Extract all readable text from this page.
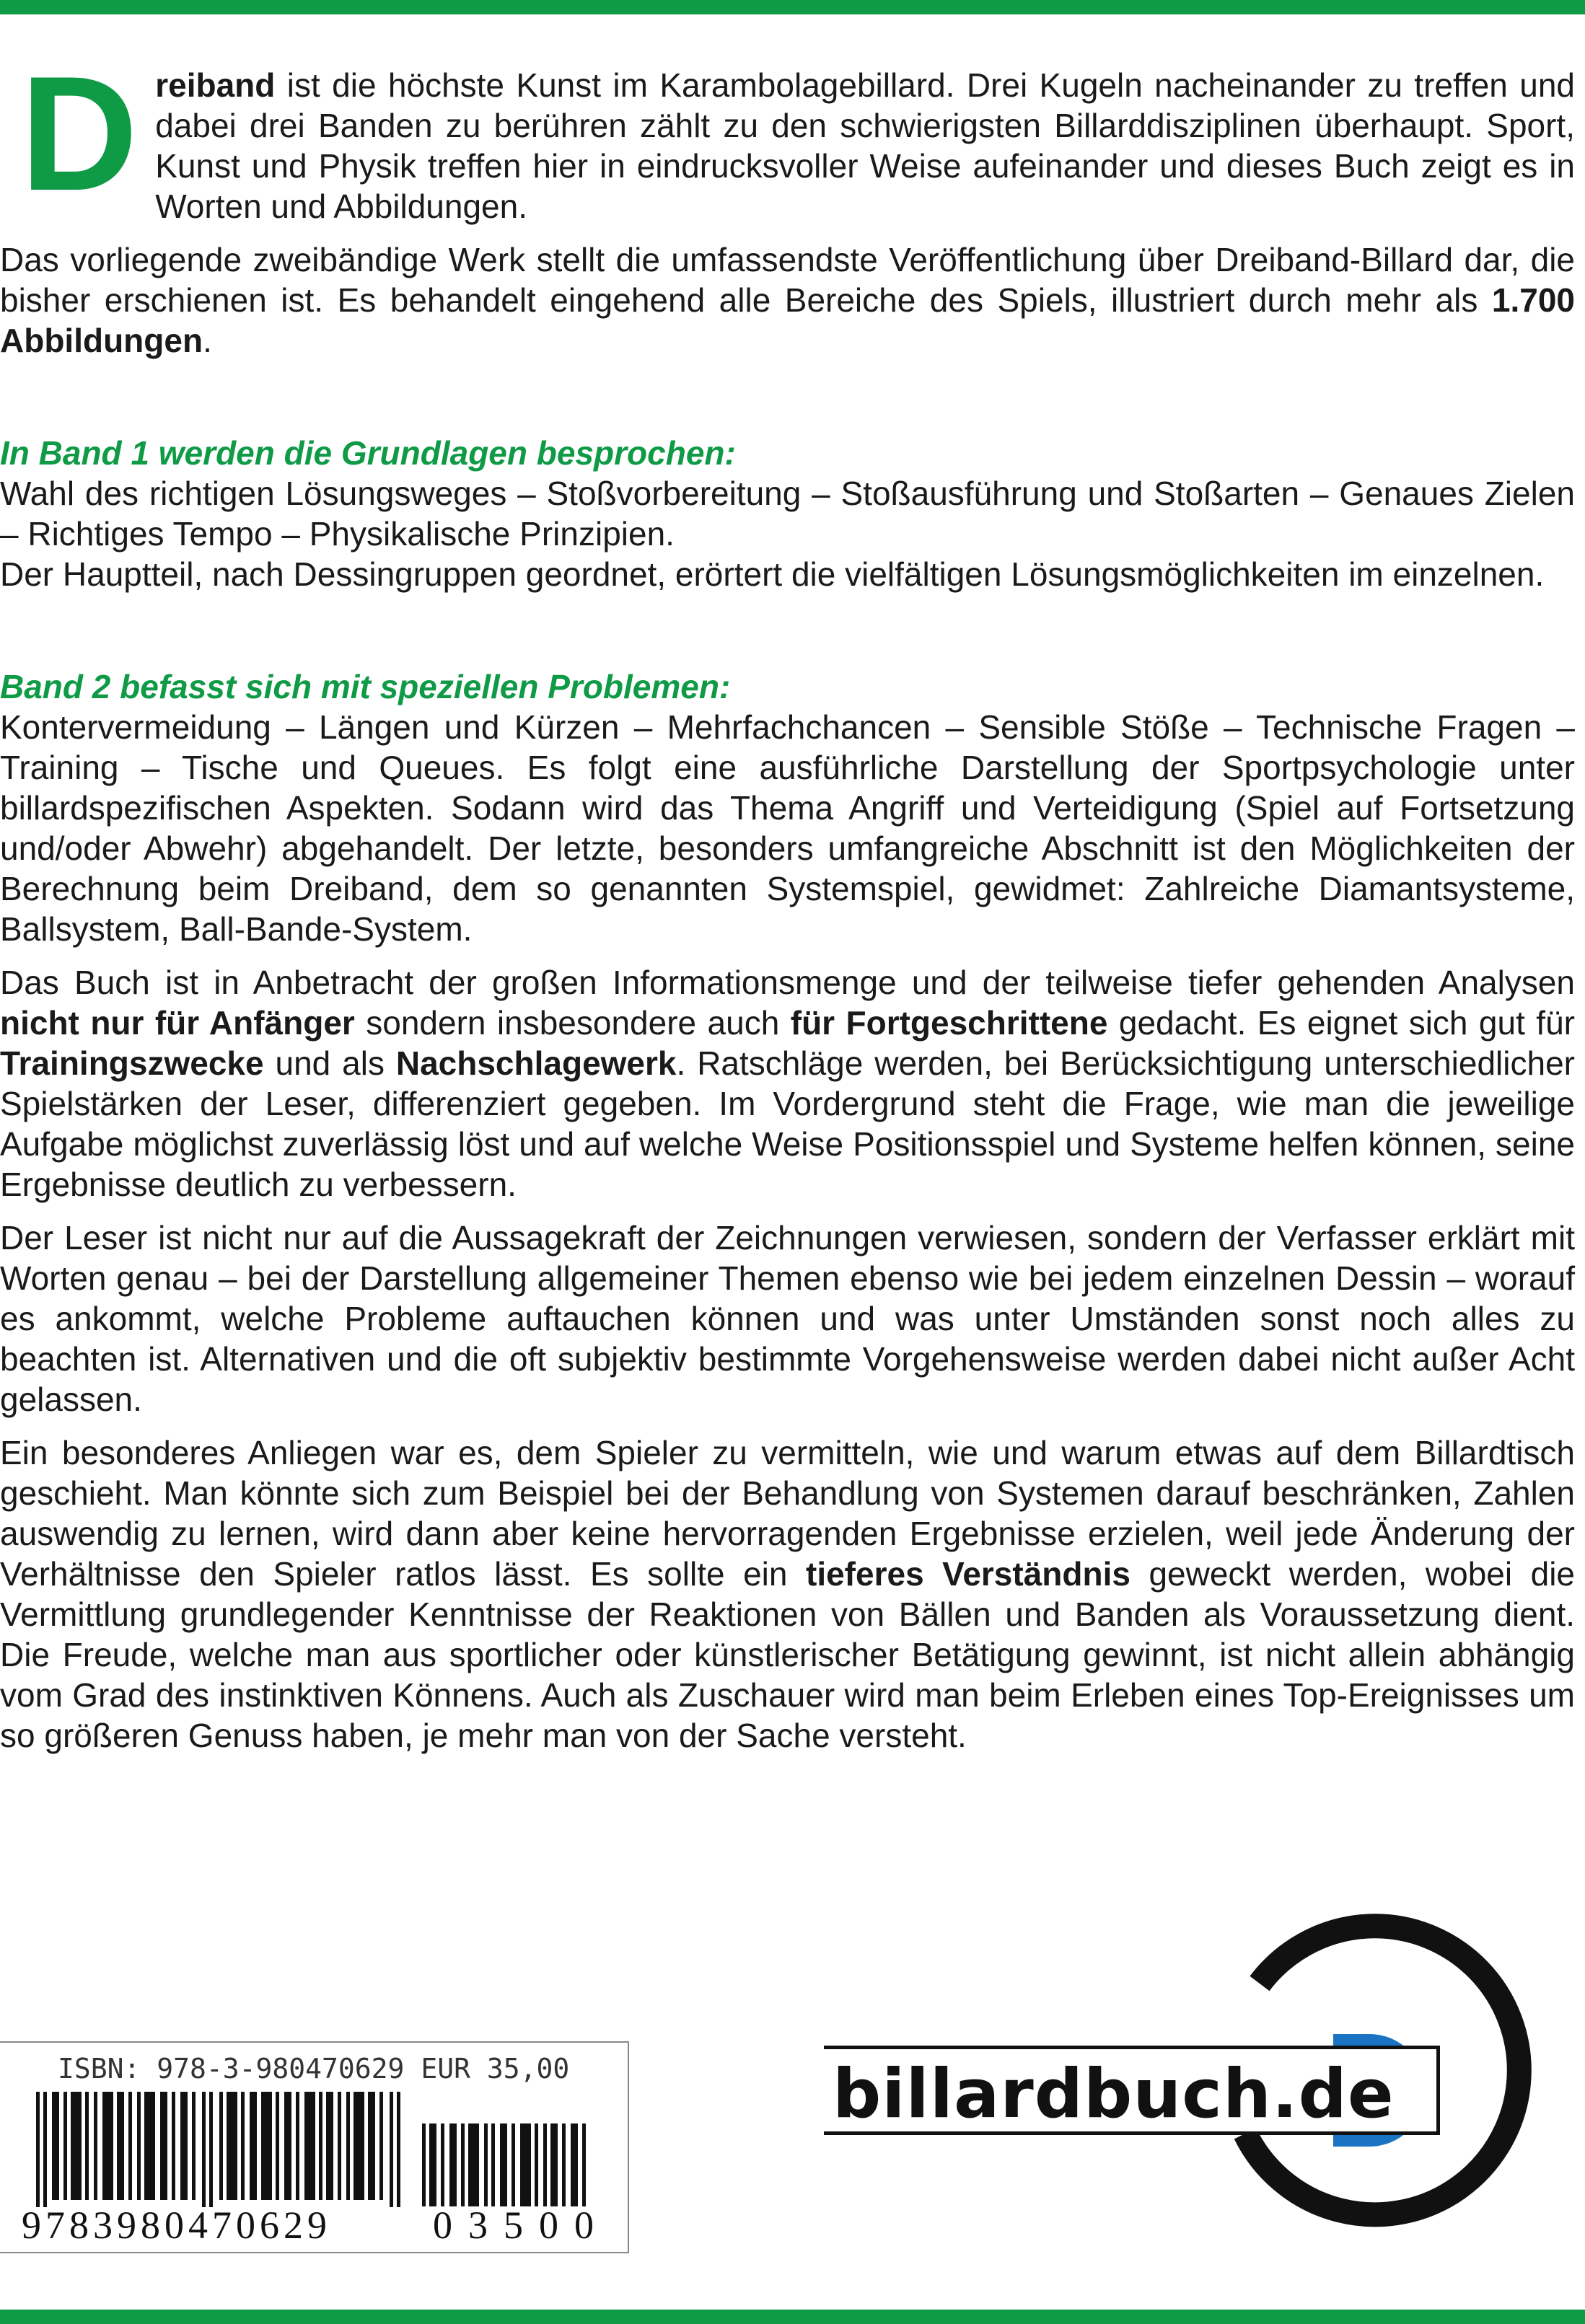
Dreiband ist die höchste Kunst im Karambolagebillard. Drei Kugeln nacheinander zu treffen und dabei drei Banden zu berühren zählt zu den schwierigsten Billarddisziplinen überhaupt. Sport, Kunst und Physik treffen hier in eindrucksvoller Weise aufeinander und dieses Buch zeigt es in Worten und Abbildungen.

Das vorliegende zweibändige Werk stellt die umfassendste Veröffentlichung über Dreiband-Billard dar, die bisher erschienen ist. Es behandelt eingehend alle Bereiche des Spiels, illustriert durch mehr als 1.700 Abbildungen.

In Band 1 werden die Grundlagen besprochen:

Wahl des richtigen Lösungsweges – Stoßvorbereitung – Stoßausführung und Stoßarten – Genaues Zielen – Richtiges Tempo – Physikalische Prinzipien.

Der Hauptteil, nach Dessingruppen geordnet, erörtert die vielfältigen Lösungsmöglichkeiten im einzelnen.

Band 2 befasst sich mit speziellen Problemen:

Kontervermeidung – Längen und Kürzen – Mehrfachchancen – Sensible Stöße – Technische Fragen – Training – Tische und Queues. Es folgt eine ausführliche Darstellung der Sportpsychologie unter billardspezifischen Aspekten. Sodann wird das Thema Angriff und Verteidigung (Spiel auf Fortsetzung und/oder Abwehr) abgehandelt. Der letzte, besonders umfangreiche Abschnitt ist den Möglichkeiten der Berechnung beim Dreiband, dem so genannten Systemspiel, gewidmet: Zahlreiche Diamantsysteme, Ballsystem, Ball-Bande-System.

Das Buch ist in Anbetracht der großen Informationsmenge und der teilweise tiefer gehenden Analysen nicht nur für Anfänger sondern insbesondere auch für Fortgeschrittene gedacht. Es eignet sich gut für Trainingszwecke und als Nachschlagewerk. Ratschläge werden, bei Berücksichtigung unterschiedlicher Spielstärken der Leser, differenziert gegeben. Im Vordergrund steht die Frage, wie man die jeweilige Aufgabe möglichst zuverlässig löst und auf welche Weise Positionsspiel und Systeme helfen können, seine Ergebnisse deutlich zu verbessern.

Der Leser ist nicht nur auf die Aussagekraft der Zeichnungen verwiesen, sondern der Verfasser erklärt mit Worten genau – bei der Darstellung allgemeiner Themen ebenso wie bei jedem einzelnen Dessin – worauf es ankommt, welche Probleme auftauchen können und was unter Umständen sonst noch alles zu beachten ist. Alternativen und die oft subjektiv bestimmte Vorgehensweise werden dabei nicht außer Acht gelassen.

Ein besonderes Anliegen war es, dem Spieler zu vermitteln, wie und warum etwas auf dem Billardtisch geschieht. Man könnte sich zum Beispiel bei der Behandlung von Systemen darauf beschränken, Zahlen auswendig zu lernen, wird dann aber keine hervorragenden Ergebnisse erzielen, weil jede Änderung der Verhältnisse den Spieler ratlos lässt. Es sollte ein tieferes Verständnis geweckt werden, wobei die Vermittlung grundlegender Kenntnisse der Reaktionen von Bällen und Banden als Voraussetzung dient. Die Freude, welche man aus sportlicher oder künstlerischer Betätigung gewinnt, ist nicht allein abhängig vom Grad des instinktiven Könnens. Auch als Zuschauer wird man beim Erleben eines Top-Ereignisses um so größeren Genuss haben, je mehr man von der Sache versteht.

ISBN: 978-3-980470629 EUR 35,00
9783980470629	03500
billardbuch.de
